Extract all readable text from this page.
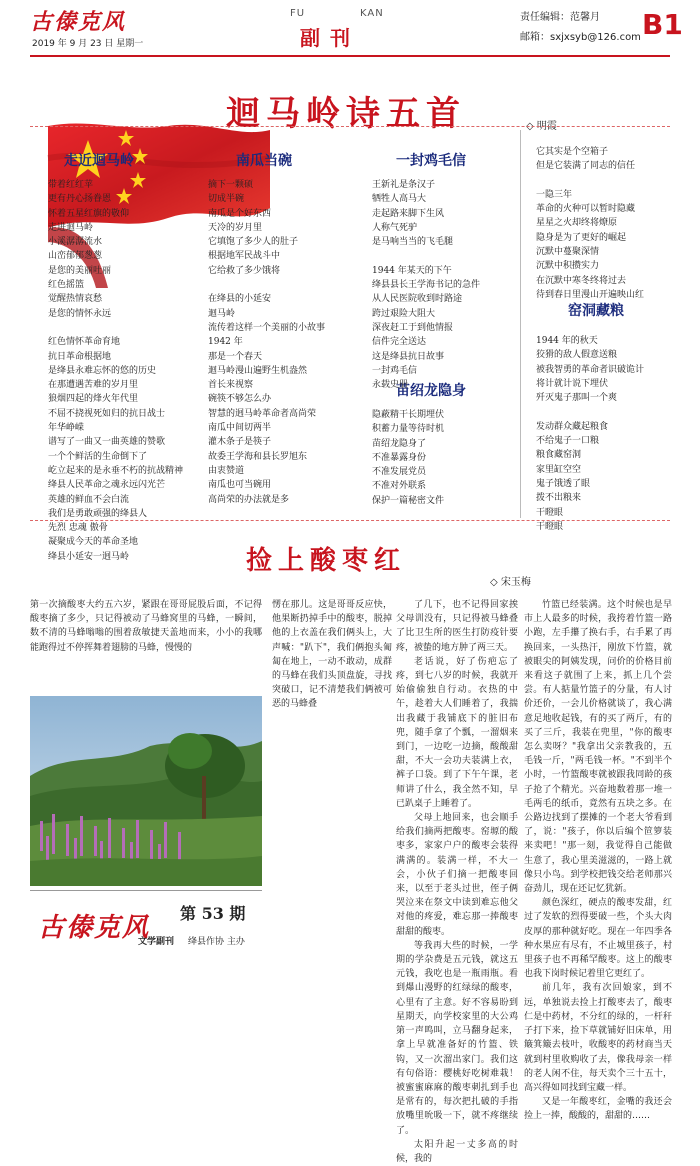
古傣克风
2019 年 9 月 23 日 星期一
FU	KAN
副刊
责任编辑：范馨月
邮箱：sxjxsyb@126.com B1
迴马岭诗五首	◇ 明霞
走近迴马岭	南瓜当碗	一封鸡毛信
苗绍龙隐身
窑洞藏粮
带着红红苹
更有丹心扬眷恩
怀着五星红旗的敬仰
走进迴马岭
小溪潺潺流水
山峦郁郁葱葱
是您的美丽吐丽
红色摇篮
觉醒热情哀愁
是您的情怀永远
红色情怀革命育地
抗日革命根据地
是绛县永难忘怀的悠的历史
在那遭遇苦难的岁月里
狼烟四起的烽火年代里
不屈不挠视死如归的抗日战士
年华峥嵘
谱写了一曲又一曲英雄的赞歌
一个个鲜活的生命倒下了
屹立起来的是永垂不朽的抗战精神
绛县人民革命之魂永远闪光芒
英雄的鲜血不会白流
我们是勇敢顽强的绛县人
先烈 忠魂 傲骨
凝聚成今天的革命圣地
绛县小延安一迥马岭
摘下一颗硕
切成半碗
南瓜是个好东西
天冷的岁月里
它填饱了多少人的肚子
根据地军民战斗中
它给救了多少饿将
在绛县的小延安
迴马岭
流传着这样一个美丽的小故事
1942 年
那是一个春天
迴马岭漫山遍野生机盎然
首长来视察
碗筷不够怎么办
智慧的迥马岭革命者高尚荣
南瓜中间切两半
灌木条子是筷子
故委王学海和县长罗旭东
由衷赞道
南瓜也可当碗用
高尚荣的办法就是多
王新礼是条汉子
牺牲人高马大
走起路来脚下生风
人称气死驴
是马响当当的飞毛腿
1944 年某天的下午
绛县县长王学海书记的急件
从人民医院收到时路途
跨过艰险大阻大
深夜赶工于到他情报
信件完全送达
这是绛县抗日故事
一封鸡毛信
永载史册
隐蔽精干长期埋伏
积蓄力量等待时机
苗绍龙隐身了
不准暴露身份
不准发展党员
不准对外联系
保护一篇秘密文件
它其实是个空箱子
但是它装满了同志的信任
一隐三年
革命的火种可以暂时隐藏
星星之火却终将燎原
隐身是为了更好的崛起
沉默中蔓聚深情
沉默中积攒实力
在沉默中寒冬终将过去
待到春日里漫山开遍映山红
1944 年的秋天
狡猾的敌人假意送粮
被我智勇的革命者识破诡计
将计就计说下埋伏
歼灭鬼子那叫一个爽
发动群众藏起粮食
不给鬼子一口粮
粮食藏窑洞
家里缸空空
鬼子饿透了眼
拨不出粮来
干瞪眼
干瞪眼
捡上酸枣红
◇ 宋玉梅
第一次摘酸枣大约五六岁，紧跟在哥哥屁股后面，不记得酸枣摘了多少，只记得被动了马蜂窝里的马蜂，一瞬间，数不清的马蜂嗡嗡的围着敌敏捷天盖地而来，小小的我哪能跑得过不停挥舞着翅膀的马蜂，慢慢的
愣在那儿。这是哥哥反应快，他果断扔掉手中的酸枣，脱掉他的上衣盖在我们俩头上，大声喊："趴下"，我们俩抱头匍匐在地上，一动不敢动，成群的马蜂在我们头顶盘旋，寻找突破口，记不清楚我们俩被可恶的马蜂叠

了几下，也不记得回家挨父母训没有，只记得被马蜂叠了比卫生所的医生打防疫针要疼，被蛰的地方肿了两三天。

老话说，好了伤疤忘了疼，到七八岁的时候，我就开始偷偷独自行动。衣热的中午，趁着大人们睡着了，我揣出我藏于我铺底下的脏旧布兜，随手拿了个瓢，一溜烟来到门，一边吃一边摘，酸酸甜甜，不大一会功夫装满上衣，裤子口袋。到了下午午课，老师讲了什么，我全然不知，早已趴桌子上睡着了。

父母上地回来，也会顺手给我们摘两把酸枣。窑塬的酸枣多，家家户户的酸枣会装得满满的。装满一样，不大一会，小伙子们摘一把酸枣回来，以至于老头过世，侄子俩哭泣来在祭文中读到难忘他父对他的疼爱，难忘那一捧酸枣甜甜的酸枣。

等我再大些的时候，一学期的学杂费是五元钱，就这五元钱，我吃也是一瓶雨瓶。看到爆山漫野的红绿绿的酸枣，心里有了主意。好不容易盼到星期天，向学校家里的大公鸡第一声鸣叫，立马翻身起来，拿上早就准备好的竹篮、铁钩，又一次溜出家门。我们这有句俗语：樱桃好吃树难栽！被蜜蜜麻麻的酸枣刺扎到手也是常有的，每次把扎破的手指放嘴里吮吸一下，就不疼继续了。

太阳升起一丈多高的时候，我的

竹篮已经装满。这个时候也是早市上人最多的时候，我挎着竹篮一路小跑，左手攥了换右手，右手累了再换回来，一头热汗，刚放下竹篮，就被眼尖的阿姨发现，问价的价格目前来看这子就围了上来，抓上几个尝尝。有人掂量竹篮子的分量，有人讨价还价，一会儿价格就谈了，我心满意足地收起钱，有的买了两斤，有的买了三斤，我装在兜里，"你的酸枣怎么卖呀？"我拿出父亲教我的，五毛钱一斤，"两毛钱一杯。"不到半个小时，一竹篮酸枣就被跟我同龄的孩子抢了个精光。兴奋地数着那一堆一毛两毛的纸币，竟然有五块之多。在公路边找到了摆摊的一个老大爷看到了，说："孩子，你以后编个笸箩装来卖吧！"那一刻，我觉得自己能做生意了，我心里美滋滋的，一路上就像只小鸟。到学校把钱交给老师那兴奋劲儿，现在还记忆犹新。

颜色深红，硬点的酸枣发甜，红过了发软的烈得要破一些，个头大肉皮厚的那种就好吃。现在一年四季各种水果应有尽有，不止城里孩子，村里孩子也不再稀罕酸枣。这上的酸枣也我下岗时候记着里它更红了。

前几年，我有次回娘家，到不远，单独说去捡上打酸枣去了，酸枣仁是中药材，不分红的绿的，一杆秆子打下来，捡下草就铺好旧床单，用簸箕簸去枝叶，收酸枣的药材商当天就到村里收购收了去，像我母亲一样的老人闲不住，每天卖个三十五十，高兴得如同找到宝藏一样。

又是一年酸枣红，金嘴的我还会捡上一捧，酸酸的，甜甜的……

古傣克风 第 53 期
文学副刊 绛县作协 主办
